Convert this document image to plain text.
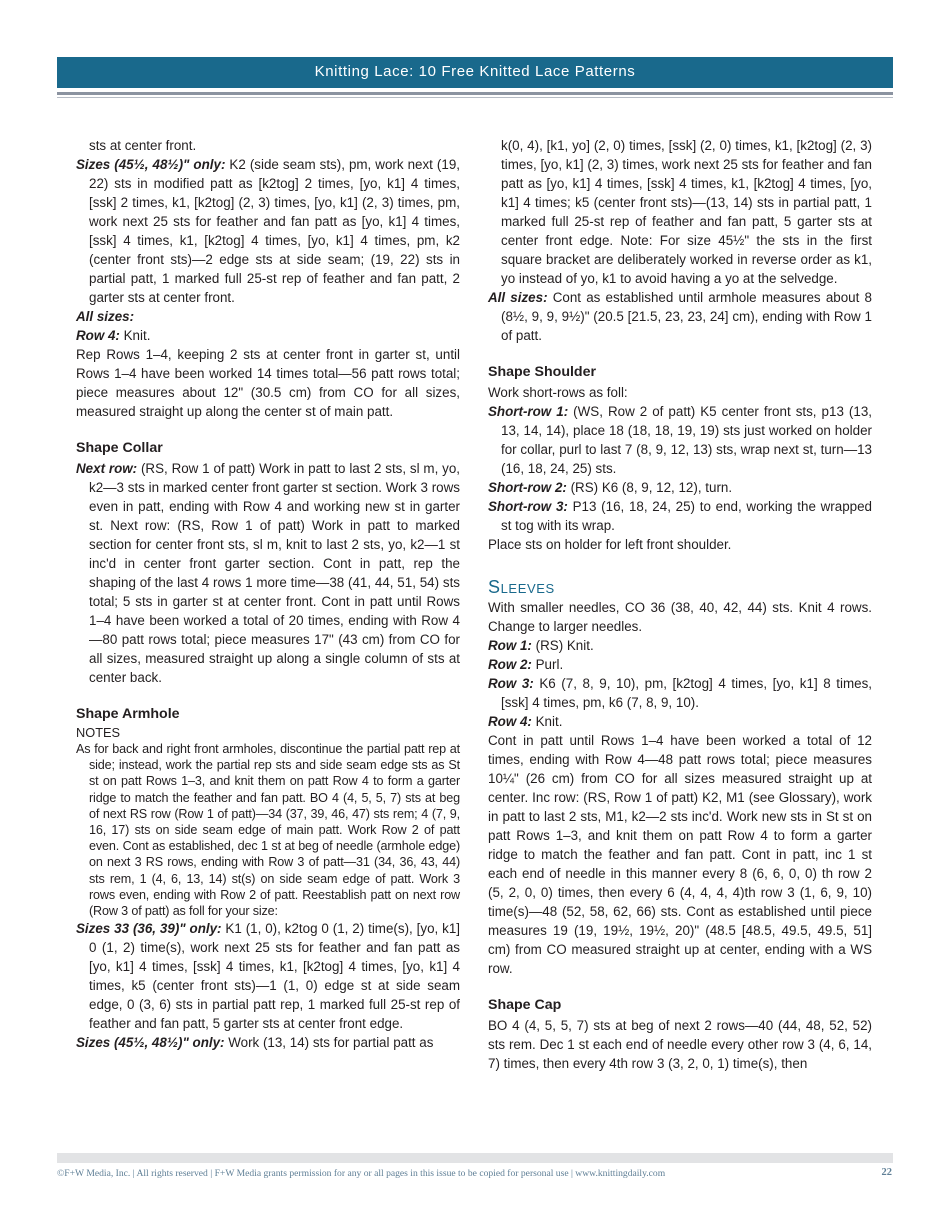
Knitting Lace: 10 Free Knitted Lace Patterns

sts at center front.

Sizes (45½, 48½)" only: K2 (side seam sts), pm, work next (19, 22) sts in modified patt as [k2tog] 2 times, [yo, k1] 4 times, [ssk] 2 times, k1, [k2tog] (2, 3) times, [yo, k1] (2, 3) times, pm, work next 25 sts for feather and fan patt as [yo, k1] 4 times, [ssk] 4 times, k1, [k2tog] 4 times, [yo, k1] 4 times, pm, k2 (center front sts)—2 edge sts at side seam; (19, 22) sts in partial patt, 1 marked full 25-st rep of feather and fan patt, 2 garter sts at center front.

All sizes:

Row 4: Knit.

Rep Rows 1–4, keeping 2 sts at center front in garter st, until Rows 1–4 have been worked 14 times total—56 patt rows total; piece measures about 12" (30.5 cm) from CO for all sizes, measured straight up along the center st of main patt.

Shape Collar

Next row: (RS, Row 1 of patt) Work in patt to last 2 sts, sl m, yo, k2—3 sts in marked center front garter st section. Work 3 rows even in patt, ending with Row 4 and working new st in garter st. Next row: (RS, Row 1 of patt) Work in patt to marked section for center front sts, sl m, knit to last 2 sts, yo, k2—1 st inc'd in center front garter section. Cont in patt, rep the shaping of the last 4 rows 1 more time—38 (41, 44, 51, 54) sts total; 5 sts in garter st at center front. Cont in patt until Rows 1–4 have been worked a total of 20 times, ending with Row 4—80 patt rows total; piece measures 17" (43 cm) from CO for all sizes, measured straight up along a single column of sts at center back.

Shape Armhole

NOTES

As for back and right front armholes, discontinue the partial patt rep at side; instead, work the partial rep sts and side seam edge sts as St st on patt Rows 1–3, and knit them on patt Row 4 to form a garter ridge to match the feather and fan patt. BO 4 (4, 5, 5, 7) sts at beg of next RS row (Row 1 of patt)—34 (37, 39, 46, 47) sts rem; 4 (7, 9, 16, 17) sts on side seam edge of main patt. Work Row 2 of patt even. Cont as established, dec 1 st at beg of needle (armhole edge) on next 3 RS rows, ending with Row 3 of patt—31 (34, 36, 43, 44) sts rem, 1 (4, 6, 13, 14) st(s) on side seam edge of patt. Work 3 rows even, ending with Row 2 of patt. Reestablish patt on next row (Row 3 of patt) as foll for your size:

Sizes 33 (36, 39)" only: K1 (1, 0), k2tog 0 (1, 2) time(s), [yo, k1] 0 (1, 2) time(s), work next 25 sts for feather and fan patt as [yo, k1] 4 times, [ssk] 4 times, k1, [k2tog] 4 times, [yo, k1] 4 times, k5 (center front sts)—1 (1, 0) edge st at side seam edge, 0 (3, 6) sts in partial patt rep, 1 marked full 25-st rep of feather and fan patt, 5 garter sts at center front edge.

Sizes (45½, 48½)" only: Work (13, 14) sts for partial patt as

k(0, 4), [k1, yo] (2, 0) times, [ssk] (2, 0) times, k1, [k2tog] (2, 3) times, [yo, k1] (2, 3) times, work next 25 sts for feather and fan patt as [yo, k1] 4 times, [ssk] 4 times, k1, [k2tog] 4 times, [yo, k1] 4 times; k5 (center front sts)—(13, 14) sts in partial patt, 1 marked full 25-st rep of feather and fan patt, 5 garter sts at center front edge. Note: For size 45½" the sts in the first square bracket are deliberately worked in reverse order as k1, yo instead of yo, k1 to avoid having a yo at the selvedge.

All sizes: Cont as established until armhole measures about 8 (8½, 9, 9, 9½)" (20.5 [21.5, 23, 23, 24] cm), ending with Row 1 of patt.

Shape Shoulder

Work short-rows as foll:

Short-row 1: (WS, Row 2 of patt) K5 center front sts, p13 (13, 13, 14, 14), place 18 (18, 18, 19, 19) sts just worked on holder for collar, purl to last 7 (8, 9, 12, 13) sts, wrap next st, turn—13 (16, 18, 24, 25) sts.

Short-row 2: (RS) K6 (8, 9, 12, 12), turn.

Short-row 3: P13 (16, 18, 24, 25) to end, working the wrapped st tog with its wrap.

Place sts on holder for left front shoulder.

Sleeves

With smaller needles, CO 36 (38, 40, 42, 44) sts. Knit 4 rows. Change to larger needles.

Row 1: (RS) Knit.

Row 2: Purl.

Row 3: K6 (7, 8, 9, 10), pm, [k2tog] 4 times, [yo, k1] 8 times, [ssk] 4 times, pm, k6 (7, 8, 9, 10).

Row 4: Knit.

Cont in patt until Rows 1–4 have been worked a total of 12 times, ending with Row 4—48 patt rows total; piece measures 10¼" (26 cm) from CO for all sizes measured straight up at center. Inc row: (RS, Row 1 of patt) K2, M1 (see Glossary), work in patt to last 2 sts, M1, k2—2 sts inc'd. Work new sts in St st on patt Rows 1–3, and knit them on patt Row 4 to form a garter ridge to match the feather and fan patt. Cont in patt, inc 1 st each end of needle in this manner every 8 (6, 6, 0, 0) th row 2 (5, 2, 0, 0) times, then every 6 (4, 4, 4, 4)th row 3 (1, 6, 9, 10) time(s)—48 (52, 58, 62, 66) sts. Cont as established until piece measures 19 (19, 19½, 19½, 20)" (48.5 [48.5, 49.5, 49.5, 51] cm) from CO measured straight up at center, ending with a WS row.

Shape Cap

BO 4 (4, 5, 5, 7) sts at beg of next 2 rows—40 (44, 48, 52, 52) sts rem. Dec 1 st each end of needle every other row 3 (4, 6, 14, 7) times, then every 4th row 3 (3, 2, 0, 1) time(s), then

©F+W Media, Inc. | All rights reserved | F+W Media grants permission for any or all pages in this issue to be copied for personal use | www.knittingdaily.com	22
